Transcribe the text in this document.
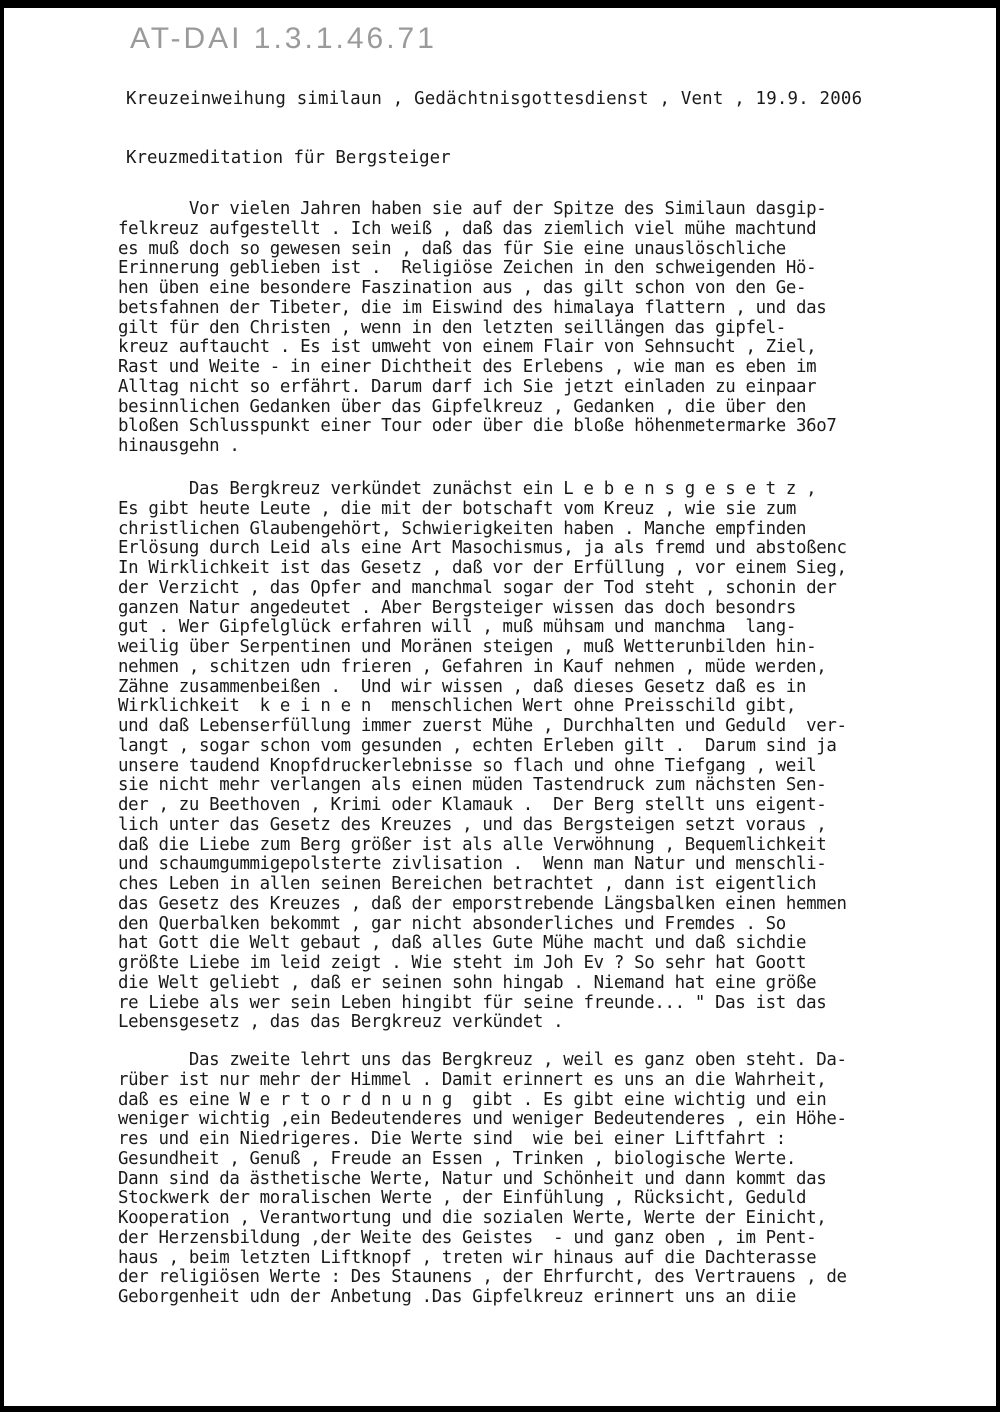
AT-DAI 1.3.1.46.71
Kreuzeinweihung similaun , Gedächtnisgottesdienst , Vent , 19.9. 2006
Kreuzmeditation für Bergsteiger
Vor vielen Jahren haben sie auf der Spitze des Similaun dasgip-
felkreuz aufgestellt . Ich weiß , daß das ziemlich viel mühe machtund
es muß doch so gewesen sein , daß das für Sie eine unauslöschliche
Erinnerung geblieben ist .  Religiöse Zeichen in den schweigenden Hö-
hen üben eine besondere Faszination aus , das gilt schon von den Ge-
betsfahnen der Tibeter, die im Eiswind des himalaya flattern , und das
gilt für den Christen , wenn in den letzten seillängen das gipfel-
kreuz auftaucht . Es ist umweht von einem Flair von Sehnsucht , Ziel,
Rast und Weite - in einer Dichtheit des Erlebens , wie man es eben im
Alltag nicht so erfährt. Darum darf ich Sie jetzt einladen zu einpaar
besinnlichen Gedanken über das Gipfelkreuz , Gedanken , die über den
bloßen Schlusspunkt einer Tour oder über die bloße höhenmetermarke 36o7
hinausgehn .
Das Bergkreuz verkündet zunächst ein L e b e n s g e s e t z ,
Es gibt heute Leute , die mit der botschaft vom Kreuz , wie sie zum
christlichen Glaubengehört, Schwierigkeiten haben . Manche empfinden
Erlösung durch Leid als eine Art Masochismus, ja als fremd und abstoßenc
In Wirklichkeit ist das Gesetz , daß vor der Erfüllung , vor einem Sieg,
der Verzicht , das Opfer and manchmal sogar der Tod steht , schonin der
ganzen Natur angedeutet . Aber Bergsteiger wissen das doch besondrs
gut . Wer Gipfelglück erfahren will , muß mühsam und manchma  lang-
weilig über Serpentinen und Moränen steigen , muß Wetterunbilden hin-
nehmen , schitzen udn frieren , Gefahren in Kauf nehmen , müde werden,
Zähne zusammenbeißen .  Und wir wissen , daß dieses Gesetz daß es in
Wirklichkeit  k e i n e n  menschlichen Wert ohne Preisschild gibt,
und daß Lebenserfüllung immer zuerst Mühe , Durchhalten und Geduld  ver-
langt , sogar schon vom gesunden , echten Erleben gilt .  Darum sind ja
unsere taudend Knopfdruckerlebnisse so flach und ohne Tiefgang , weil
sie nicht mehr verlangen als einen müden Tastendruck zum nächsten Sen-
der , zu Beethoven , Krimi oder Klamauk .  Der Berg stellt uns eigent-
lich unter das Gesetz des Kreuzes , und das Bergsteigen setzt voraus ,
daß die Liebe zum Berg größer ist als alle Verwöhnung , Bequemlichkeit
und schaumgummigepolsterte zivlisation .  Wenn man Natur und menschli-
ches Leben in allen seinen Bereichen betrachtet , dann ist eigentlich
das Gesetz des Kreuzes , daß der emporstrebende Längsbalken einen hemmen
den Querbalken bekommt , gar nicht absonderliches und Fremdes . So
hat Gott die Welt gebaut , daß alles Gute Mühe macht und daß sichdie
größte Liebe im leid zeigt . Wie steht im Joh Ev ? So sehr hat Goott
die Welt geliebt , daß er seinen sohn hingab . Niemand hat eine größe
re Liebe als wer sein Leben hingibt für seine freunde... " Das ist das
Lebensgesetz , das das Bergkreuz verkündet .
Das zweite lehrt uns das Bergkreuz , weil es ganz oben steht. Da-
rüber ist nur mehr der Himmel . Damit erinnert es uns an die Wahrheit,
daß es eine W e r t o r d n u n g  gibt . Es gibt eine wichtig und ein
weniger wichtig ,ein Bedeutenderes und weniger Bedeutenderes , ein Höhe-
res und ein Niedrigeres. Die Werte sind  wie bei einer Liftfahrt :
Gesundheit , Genuß , Freude an Essen , Trinken , biologische Werte.
Dann sind da ästhetische Werte, Natur und Schönheit und dann kommt das
Stockwerk der moralischen Werte , der Einfühlung , Rücksicht, Geduld
Kooperation , Verantwortung und die sozialen Werte, Werte der Einicht,
der Herzensbildung ,der Weite des Geistes  - und ganz oben , im Pent-
haus , beim letzten Liftknopf , treten wir hinaus auf die Dachterasse
der religiösen Werte : Des Staunens , der Ehrfurcht, des Vertrauens , de
Geborgenheit udn der Anbetung .Das Gipfelkreuz erinnert uns an diie
